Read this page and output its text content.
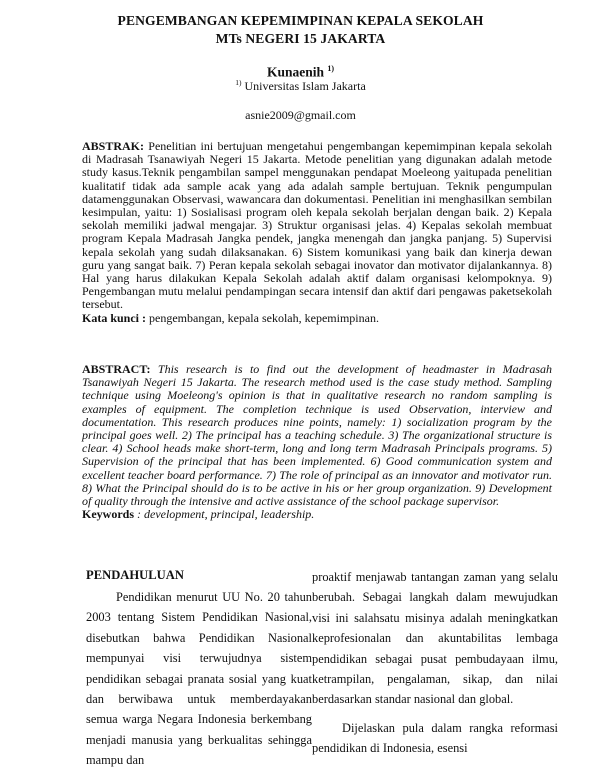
PENGEMBANGAN KEPEMIMPINAN KEPALA SEKOLAH
MTs NEGERI 15 JAKARTA
Kunaenih $^{1)}$
$^{1)}$ Universitas Islam Jakarta
asnie2009@gmail.com
ABSTRAK: Penelitian ini bertujuan mengetahui pengembangan kepemimpinan kepala sekolah di Madrasah Tsanawiyah Negeri 15 Jakarta. Metode penelitian yang digunakan adalah metode study kasus.Teknik pengambilan sampel menggunakan pendapat Moeleong yaitupada penelitian kualitatif tidak ada sample acak yang ada adalah sample bertujuan. Teknik pengumpulan datamenggunakan Observasi, wawancara dan dokumentasi. Penelitian ini menghasilkan sembilan kesimpulan, yaitu: 1) Sosialisasi program oleh kepala sekolah berjalan dengan baik. 2) Kepala sekolah memiliki jadwal mengajar. 3) Struktur organisasi jelas. 4) Kepalas sekolah membuat program Kepala Madrasah Jangka pendek, jangka menengah dan jangka panjang. 5) Supervisi kepala sekolah yang sudah dilaksanakan. 6) Sistem komunikasi yang baik dan kinerja dewan guru yang sangat baik. 7) Peran kepala sekolah sebagai inovator dan motivator dijalankannya. 8) Hal yang harus dilakukan Kepala Sekolah adalah aktif dalam organisasi kelompoknya. 9) Pengembangan mutu melalui pendampingan secara intensif dan aktif dari pengawas paketsekolah tersebut.
Kata kunci : pengembangan, kepala sekolah, kepemimpinan.
ABSTRACT: This research is to find out the development of headmaster in Madrasah Tsanawiyah Negeri 15 Jakarta. The research method used is the case study method. Sampling technique using Moeleong's opinion is that in qualitative research no random sampling is examples of equipment. The completion technique is used Observation, interview and documentation. This research produces nine points, namely: 1) socialization program by the principal goes well. 2) The principal has a teaching schedule. 3) The organizational structure is clear. 4) School heads make short-term, long and long term Madrasah Principals programs. 5) Supervision of the principal that has been implemented. 6) Good communication system and excellent teacher board performance. 7) The role of principal as an innovator and motivator run. 8) What the Principal should do is to be active in his or her group organization. 9) Development of quality through the intensive and active assistance of the school package supervisor.
Keywords : development, principal, leadership.
PENDAHULUAN

Pendidikan menurut UU No. 20 tahun 2003 tentang Sistem Pendidikan Nasional, disebutkan bahwa Pendidikan Nasional mempunyai visi terwujudnya sistem pendidikan sebagai pranata sosial yang kuat dan berwibawa untuk memberdayakan semua warga Negara Indonesia berkembang menjadi manusia yang berkualitas sehingga mampu dan

proaktif menjawab tantangan zaman yang selalu berubah. Sebagai langkah dalam mewujudkan visi ini salahsatu misinya adalah meningkatkan keprofesionalan dan akuntabilitas lembaga pendidikan sebagai pusat pembudayaan ilmu, ketrampilan, pengalaman, sikap, dan nilai berdasarkan standar nasional dan global.

Dijelaskan pula dalam rangka reformasi pendidikan di Indonesia, esensi
